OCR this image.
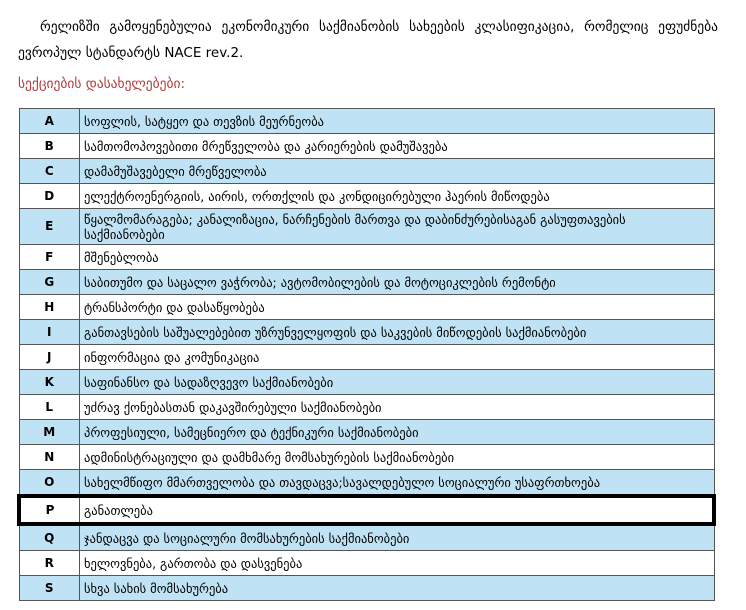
რელიზში გამოყენებულია ეკონომიკური საქმიანობის სახეების კლასიფიკაცია, რომელიც ეფუძნება ევროპულ სტანდარტს NACE rev.2.

სექციების დასახელებები:
A	სოფლის, სატყეო და თევზის მეურნეობა
B	სამთომოპოვებითი მრეწველობა და კარიერების დამუშავება
C	დამამუშავებელი მრეწველობა
D	ელექტროენერგიის, აირის, ორთქლის და კონდიცირებული ჰაერის მიწოდება
E	წყალმომარაგება; კანალიზაცია, ნარჩენების მართვა და დაბინძურებისაგან გასუფთავების საქმიანობები
F	მშენებლობა
G	საბითუმო და საცალო ვაჭრობა; ავტომობილების და მოტოციკლების რემონტი
H	ტრანსპორტი და დასაწყობება
I	განთავსების საშუალებებით უზრუნველყოფის და საკვების მიწოდების საქმიანობები
J	ინფორმაცია და კომუნიკაცია
K	საფინანსო და სადაზღვევო საქმიანობები
L	უძრავ ქონებასთან დაკავშირებული საქმიანობები
M	პროფესიული, სამეცნიერო და ტექნიკური საქმიანობები
N	ადმინისტრაციული და დამხმარე მომსახურების საქმიანობები
O	სახელმწიფო მმართველობა და თავდაცვა;სავალდებულო სოციალური უსაფრთხოება
P	განათლება
Q	ჯანდაცვა და სოციალური მომსახურების საქმიანობები
R	ხელოვნება, გართობა და დასვენება
S	სხვა სახის მომსახურება
